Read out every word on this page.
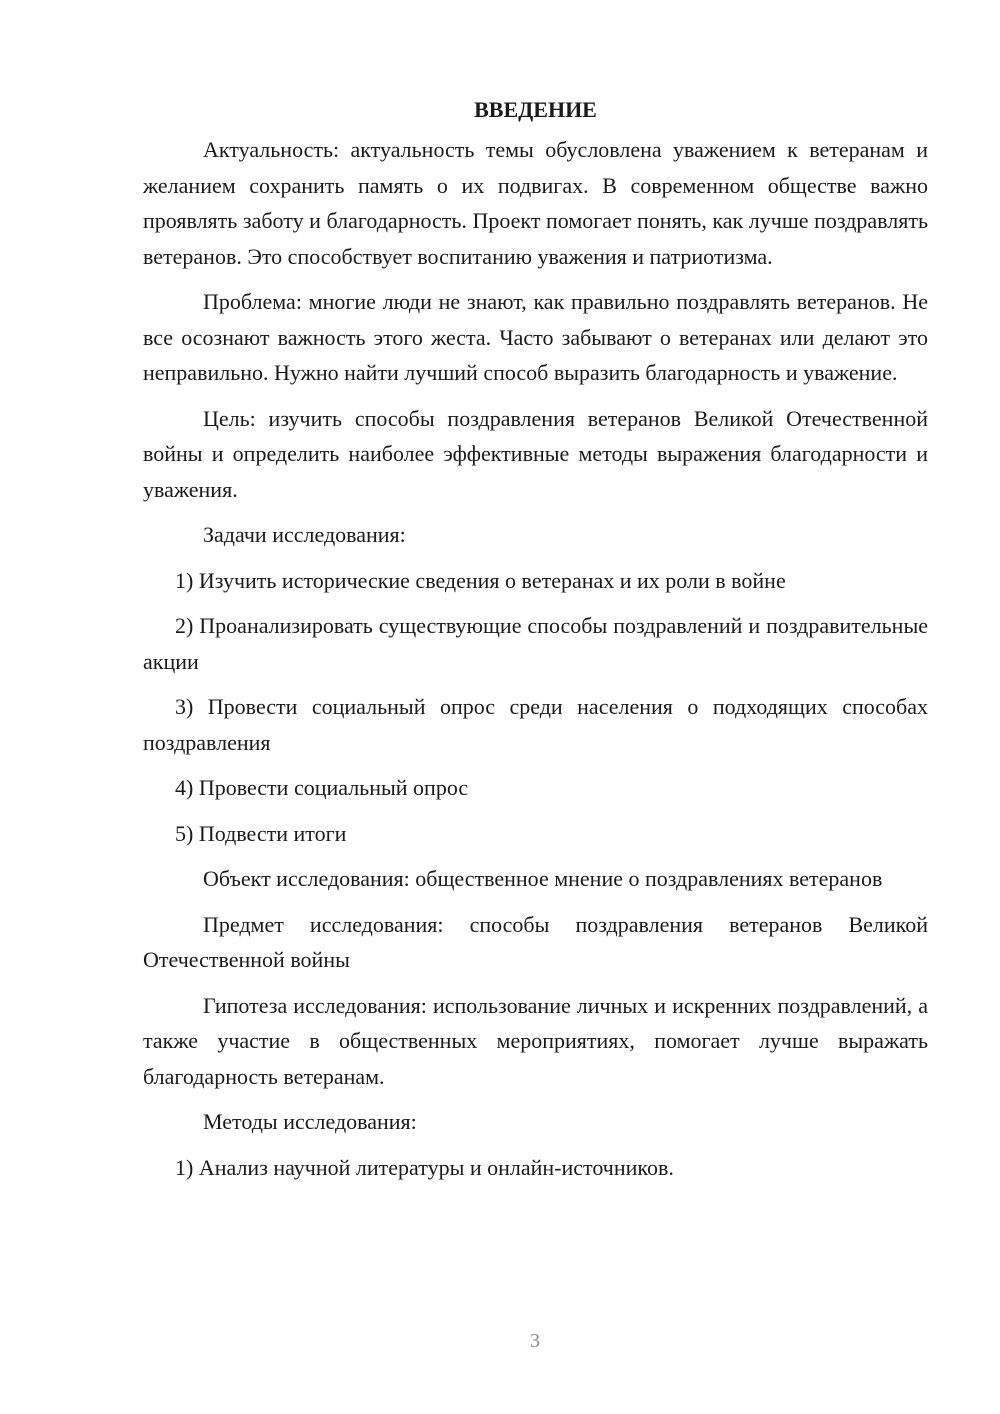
ВВЕДЕНИЕ

Актуальность: актуальность темы обусловлена уважением к ветеранам и желанием сохранить память о их подвигах. В современном обществе важно проявлять заботу и благодарность. Проект помогает понять, как лучше поздравлять ветеранов. Это способствует воспитанию уважения и патриотизма.

Проблема: многие люди не знают, как правильно поздравлять ветеранов. Не все осознают важность этого жеста. Часто забывают о ветеранах или делают это неправильно. Нужно найти лучший способ выразить благодарность и уважение.

Цель: изучить способы поздравления ветеранов Великой Отечественной войны и определить наиболее эффективные методы выражения благодарности и уважения.

Задачи исследования:

1) Изучить исторические сведения о ветеранах и их роли в войне

2) Проанализировать существующие способы поздравлений и поздравительные акции

3) Провести социальный опрос среди населения о подходящих способах поздравления

4) Провести социальный опрос

5) Подвести итоги

Объект исследования: общественное мнение о поздравлениях ветеранов

Предмет исследования: способы поздравления ветеранов Великой Отечественной войны

Гипотеза исследования: использование личных и искренних поздравлений, а также участие в общественных мероприятиях, помогает лучше выражать благодарность ветеранам.

Методы исследования:

1) Анализ научной литературы и онлайн-источников.

3
